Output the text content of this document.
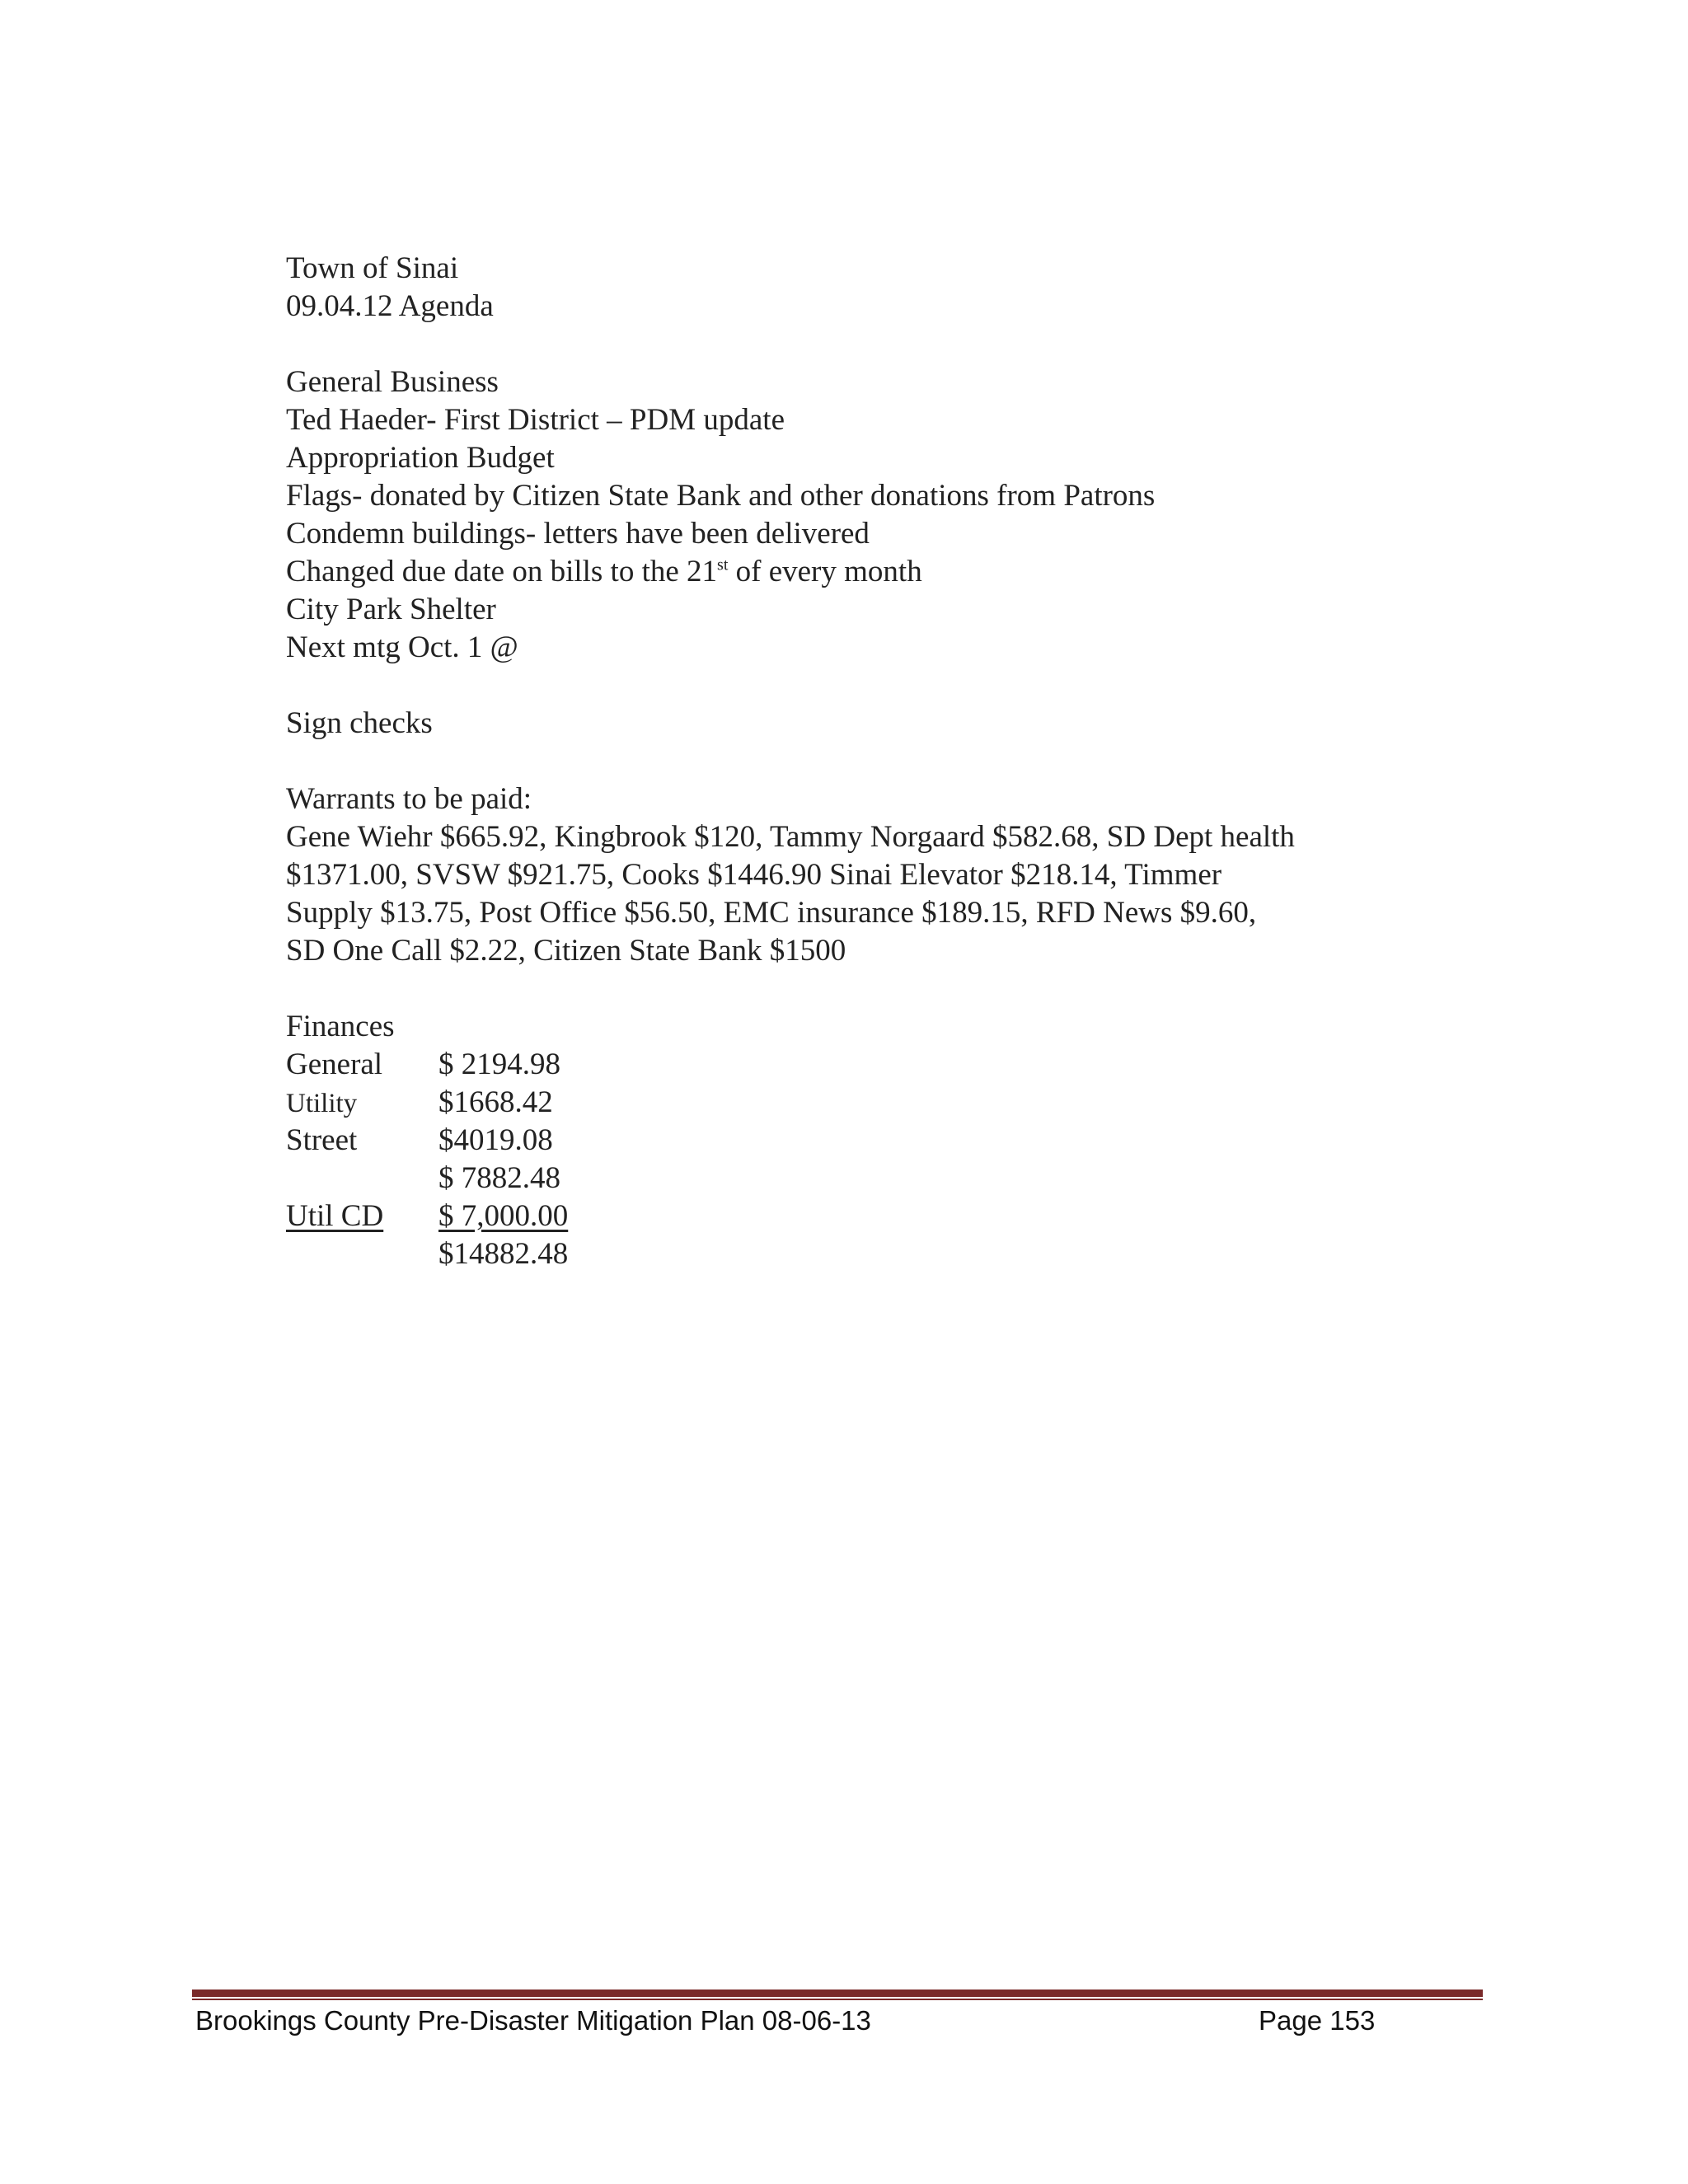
Town of Sinai
09.04.12 Agenda
General Business
Ted Haeder- First District – PDM update
Appropriation Budget
Flags- donated by Citizen State Bank and other donations from Patrons
Condemn buildings- letters have been delivered
Changed due date on bills to the 21st of every month
City Park Shelter
Next mtg Oct. 1 @
Sign checks
Warrants to be paid:
Gene Wiehr $665.92, Kingbrook $120, Tammy Norgaard $582.68, SD Dept health $1371.00, SVSW $921.75, Cooks $1446.90 Sinai Elevator $218.14, Timmer Supply $13.75, Post Office $56.50, EMC insurance $189.15, RFD News $9.60, SD One Call $2.22, Citizen State Bank $1500
Finances
General	$ 2194.98
Utility	$1668.42
Street	$4019.08
$ 7882.48
Util CD	$ 7,000.00
$14882.48
Brookings County Pre-Disaster Mitigation Plan 08-06-13	Page 153
